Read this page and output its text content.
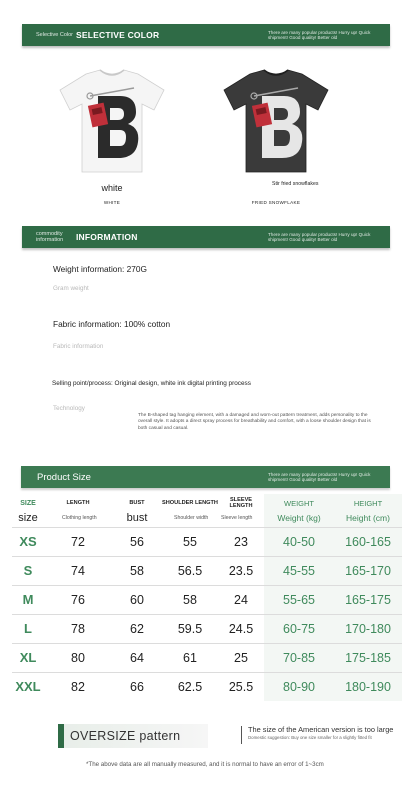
Selective Color SELECTIVE COLOR	There are many popular products! Hurry up! Quick shipment! Good quality! Better old
white
WHITE
Stir fried snowflakes
FRIED SNOWFLAKE
commodity information	INFORMATION	There are many popular products! Hurry up! Quick shipment! Good quality! Better old
Weight information: 270G
Gram weight
Fabric information: 100% cotton
Fabric information
Selling point/process: Original design, white ink digital printing process
Technology
The B-shaped tag hanging element, with a damaged and worn-out pattern treatment, adds personality to the overall style. It adopts a direct spray process for breathability and comfort, with a loose shoulder design that is both casual and casual.
Product Size	There are many popular products! Hurry up! Quick shipment! Good quality! Better old
SIZE	LENGTH	BUST	SHOULDER LENGTH	SLEEVE LENGTH	WEIGHT	HEIGHT
size	Clothing length	bust	Shoulder width	Sleeve length	Weight (kg)	Height (cm)
XS	72	56	55	23	40-50	160-165
S	74	58	56.5	23.5	45-55	165-170
M	76	60	58	24	55-65	165-175
L	78	62	59.5	24.5	60-75	170-180
XL	80	64	61	25	70-85	175-185
XXL	82	66	62.5	25.5	80-90	180-190
OVERSIZE pattern	The size of the American version is too large
Domestic suggestion: Buy one size smaller for a slightly fitted fit
*The above data are all manually measured, and it is normal to have an error of 1~3cm
